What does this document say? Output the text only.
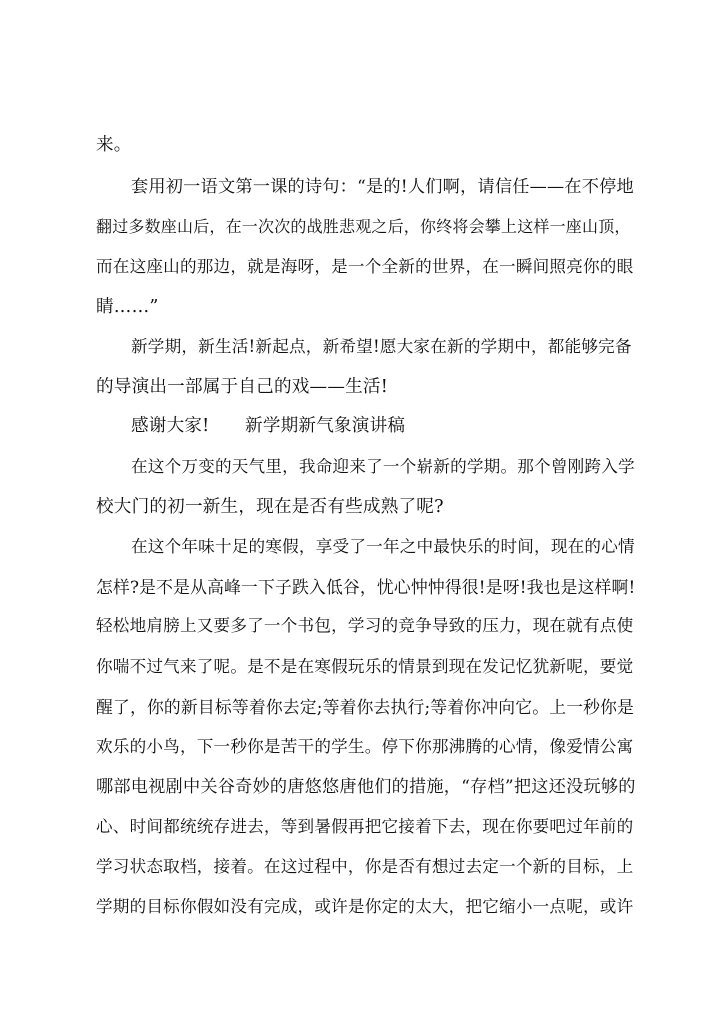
来。
套用初一语文第一课的诗句：“是的!人们啊，请信任——在不停地
翻过多数座山后，在一次次的战胜悲观之后，你终将会攀上这样一座山顶，
而在这座山的那边，就是海呀，是一个全新的世界，在一瞬间照亮你的眼
睛……”
新学期，新生活!新起点，新希望!愿大家在新的学期中，都能够完备
的导演出一部属于自己的戏——生活!
感谢大家!　　新学期新气象演讲稿
在这个万变的天气里，我命迎来了一个崭新的学期。那个曾刚跨入学
校大门的初一新生，现在是否有些成熟了呢?
在这个年味十足的寒假，享受了一年之中最快乐的时间，现在的心情
怎样?是不是从高峰一下子跌入低谷，忧心忡忡得很!是呀!我也是这样啊!
轻松地肩膀上又要多了一个书包，学习的竞争导致的压力，现在就有点使
你喘不过气来了呢。是不是在寒假玩乐的情景到现在发记忆犹新呢，要觉
醒了，你的新目标等着你去定;等着你去执行;等着你冲向它。上一秒你是
欢乐的小鸟，下一秒你是苦干的学生。停下你那沸腾的心情，像爱情公寓
哪部电视剧中关谷奇妙的唐悠悠唐他们的措施，“存档”把这还没玩够的
心、时间都统统存进去，等到暑假再把它接着下去，现在你要吧过年前的
学习状态取档，接着。在这过程中，你是否有想过去定一个新的目标，上
学期的目标你假如没有完成，或许是你定的太大，把它缩小一点呢，或许
